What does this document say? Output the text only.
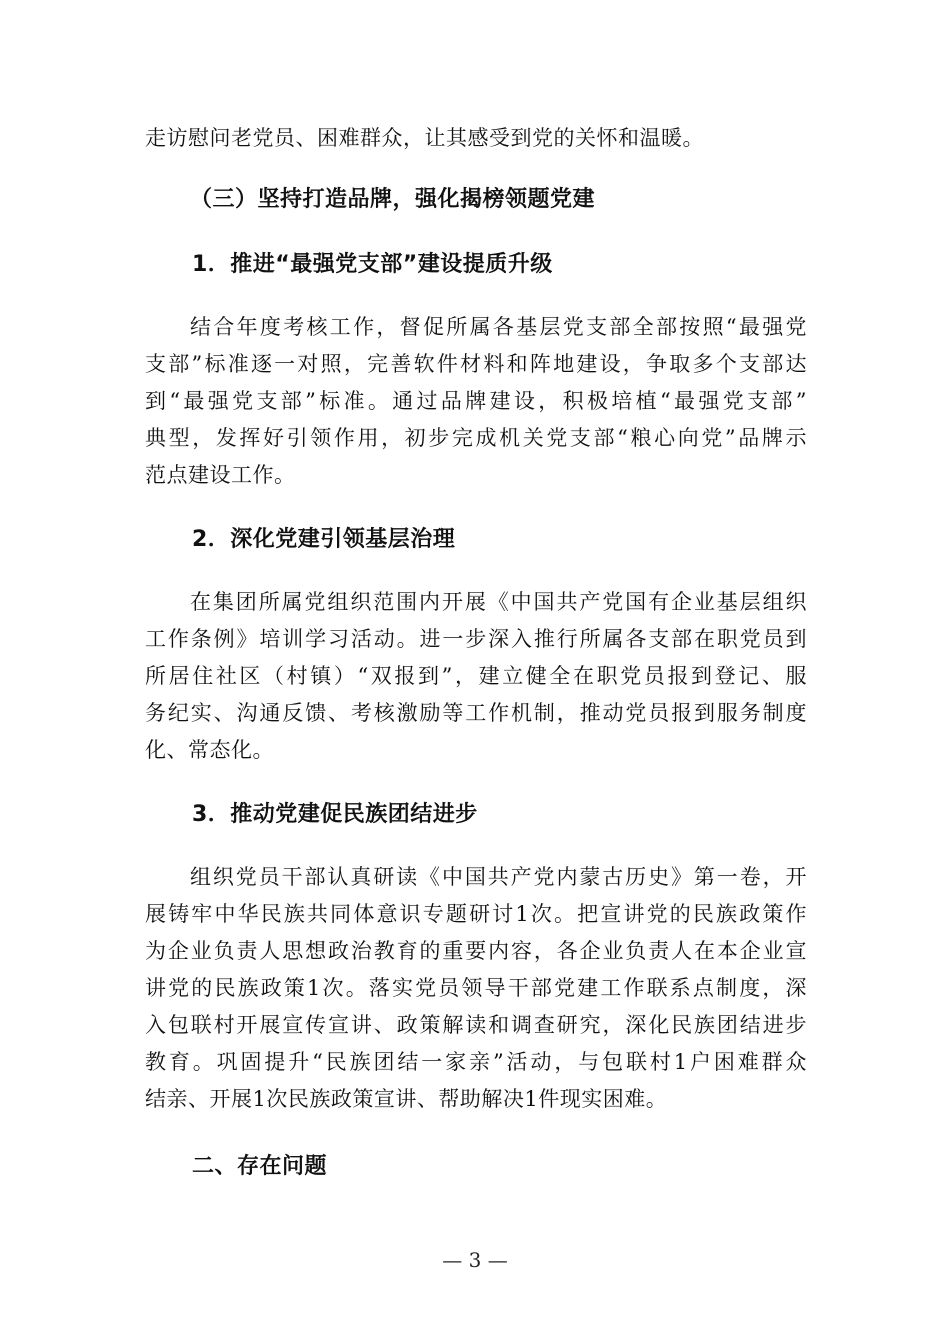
走访慰问老党员、困难群众，让其感受到党的关怀和温暖。
（三）坚持打造品牌，强化揭榜领题党建
1．推进“最强党支部”建设提质升级
结合年度考核工作，督促所属各基层党支部全部按照“最强党
支部”标准逐一对照，完善软件材料和阵地建设，争取多个支部达
到“最强党支部”标准。通过品牌建设，积极培植“最强党支部”
典型，发挥好引领作用，初步完成机关党支部“粮心向党”品牌示
范点建设工作。
2．深化党建引领基层治理
在集团所属党组织范围内开展《中国共产党国有企业基层组织
工作条例》培训学习活动。进一步深入推行所属各支部在职党员到
所居住社区（村镇）“双报到”，建立健全在职党员报到登记、服
务纪实、沟通反馈、考核激励等工作机制，推动党员报到服务制度
化、常态化。
3．推动党建促民族团结进步
组织党员干部认真研读《中国共产党内蒙古历史》第一卷，开
展铸牢中华民族共同体意识专题研讨1次。把宣讲党的民族政策作
为企业负责人思想政治教育的重要内容，各企业负责人在本企业宣
讲党的民族政策1次。落实党员领导干部党建工作联系点制度，深
入包联村开展宣传宣讲、政策解读和调查研究，深化民族团结进步
教育。巩固提升“民族团结一家亲”活动，与包联村1户困难群众
结亲、开展1次民族政策宣讲、帮助解决1件现实困难。
二、存在问题
— 3 —
